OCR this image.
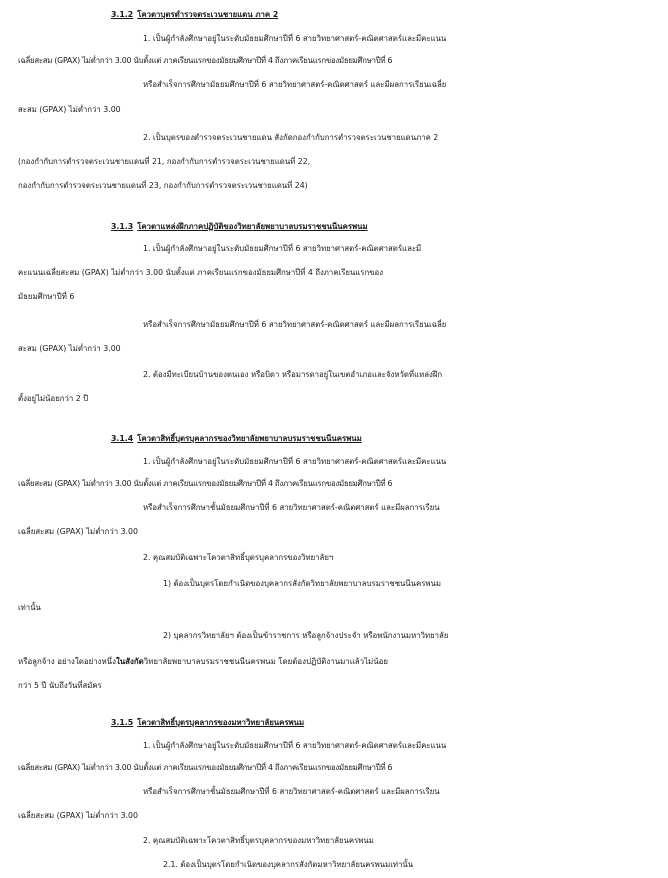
3.1.2 โควตาบุตรตำรวจตระเวนชายแดน ภาค 2
1. เป็นผู้กำลังศึกษาอยู่ในระดับมัธยมศึกษาปีที่ 6 สายวิทยาศาสตร์-คณิตศาสตร์และมีคะแนน
เฉลี่ยสะสม (GPAX) ไม่ต่ำกว่า 3.00 นับตั้งแต่ ภาคเรียนแรกของมัธยมศึกษาปีที่ 4 ถึงภาคเรียนแรกของมัธยมศึกษาปีที่ 6
หรือสำเร็จการศึกษามัธยมศึกษาปีที่ 6 สายวิทยาศาสตร์-คณิตศาสตร์ และมีผลการเรียนเฉลี่ย
สะสม (GPAX) ไม่ต่ำกว่า 3.00
2. เป็นบุตรของตำรวจตระเวนชายแดน สังกัดกองกำกับการตำรวจตระเวนชายแดนภาค 2
(กองกำกับการตำรวจตระเวนชายแดนที่ 21, กองกำกับการตำรวจตระเวนชายแดนที่ 22,
กองกำกับการตำรวจตระเวนชายแดนที่ 23, กองกำกับการตำรวจตระเวนชายแดนที่ 24)
3.1.3 โควตาแหล่งฝึกภาคปฏิบัติของวิทยาลัยพยาบาลบรมราชชนนีนครพนม
1. เป็นผู้กำลังศึกษาอยู่ในระดับมัธยมศึกษาปีที่ 6 สายวิทยาศาสตร์-คณิตศาสตร์และมี
คะแนนเฉลี่ยสะสม (GPAX) ไม่ต่ำกว่า 3.00 นับตั้งแต่ ภาคเรียนแรกของมัธยมศึกษาปีที่ 4 ถึงภาคเรียนแรกของ
มัธยมศึกษาปีที่ 6
หรือสำเร็จการศึกษามัธยมศึกษาปีที่ 6 สายวิทยาศาสตร์-คณิตศาสตร์ และมีผลการเรียนเฉลี่ย
สะสม (GPAX) ไม่ต่ำกว่า 3.00
2. ต้องมีทะเบียนบ้านของตนเอง หรือบิดา หรือมารดาอยู่ในเขตอำเภอและจังหวัดที่แหล่งฝึก
ตั้งอยู่ไม่น้อยกว่า 2 ปี
3.1.4 โควตาสิทธิ์บุตรบุคลากรของวิทยาลัยพยาบาลบรมราชชนนีนครพนม
1. เป็นผู้กำลังศึกษาอยู่ในระดับมัธยมศึกษาปีที่ 6 สายวิทยาศาสตร์-คณิตศาสตร์และมีคะแนน
เฉลี่ยสะสม (GPAX) ไม่ต่ำกว่า 3.00 นับตั้งแต่ ภาคเรียนแรกของมัธยมศึกษาปีที่ 4 ถึงภาคเรียนแรกของมัธยมศึกษาปีที่ 6
หรือสำเร็จการศึกษาชั้นมัธยมศึกษาปีที่ 6 สายวิทยาศาสตร์-คณิตศาสตร์ และมีผลการเรียน
เฉลี่ยสะสม (GPAX) ไม่ต่ำกว่า 3.00
2. คุณสมบัติเฉพาะโควตาสิทธิ์บุตรบุคลากรของวิทยาลัยฯ
1) ต้องเป็นบุตรโดยกำเนิดของบุคลากรสังกัดวิทยาลัยพยาบาลบรมราชชนนีนครพนม
เท่านั้น
2) บุคลากรวิทยาลัยฯ ต้องเป็นข้าราชการ หรือลูกจ้างประจำ หรือพนักงานมหาวิทยาลัย
หรือลูกจ้าง อย่างใดอย่างหนึ่งในสังกัดวิทยาลัยพยาบาลบรมราชชนนีนครพนม โดยต้องปฏิบัติงานมาแล้วไม่น้อย
กว่า 5 ปี นับถึงวันที่สมัคร
3.1.5 โควตาสิทธิ์บุตรบุคลากรของมหาวิทยาลัยนครพนม
1. เป็นผู้กำลังศึกษาอยู่ในระดับมัธยมศึกษาปีที่ 6 สายวิทยาศาสตร์-คณิตศาสตร์และมีคะแนน
เฉลี่ยสะสม (GPAX) ไม่ต่ำกว่า 3.00 นับตั้งแต่ ภาคเรียนแรกของมัธยมศึกษาปีที่ 4 ถึงภาคเรียนแรกของมัธยมศึกษาปีที่ 6
หรือสำเร็จการศึกษาชั้นมัธยมศึกษาปีที่ 6 สายวิทยาศาสตร์-คณิตศาสตร์ และมีผลการเรียน
เฉลี่ยสะสม (GPAX) ไม่ต่ำกว่า 3.00
2. คุณสมบัติเฉพาะโควตาสิทธิ์บุตรบุคลากรของมหาวิทยาลัยนครพนม
2.1. ต้องเป็นบุตรโดยกำเนิดของบุคลากรสังกัดมหาวิทยาลัยนครพนมเท่านั้น
